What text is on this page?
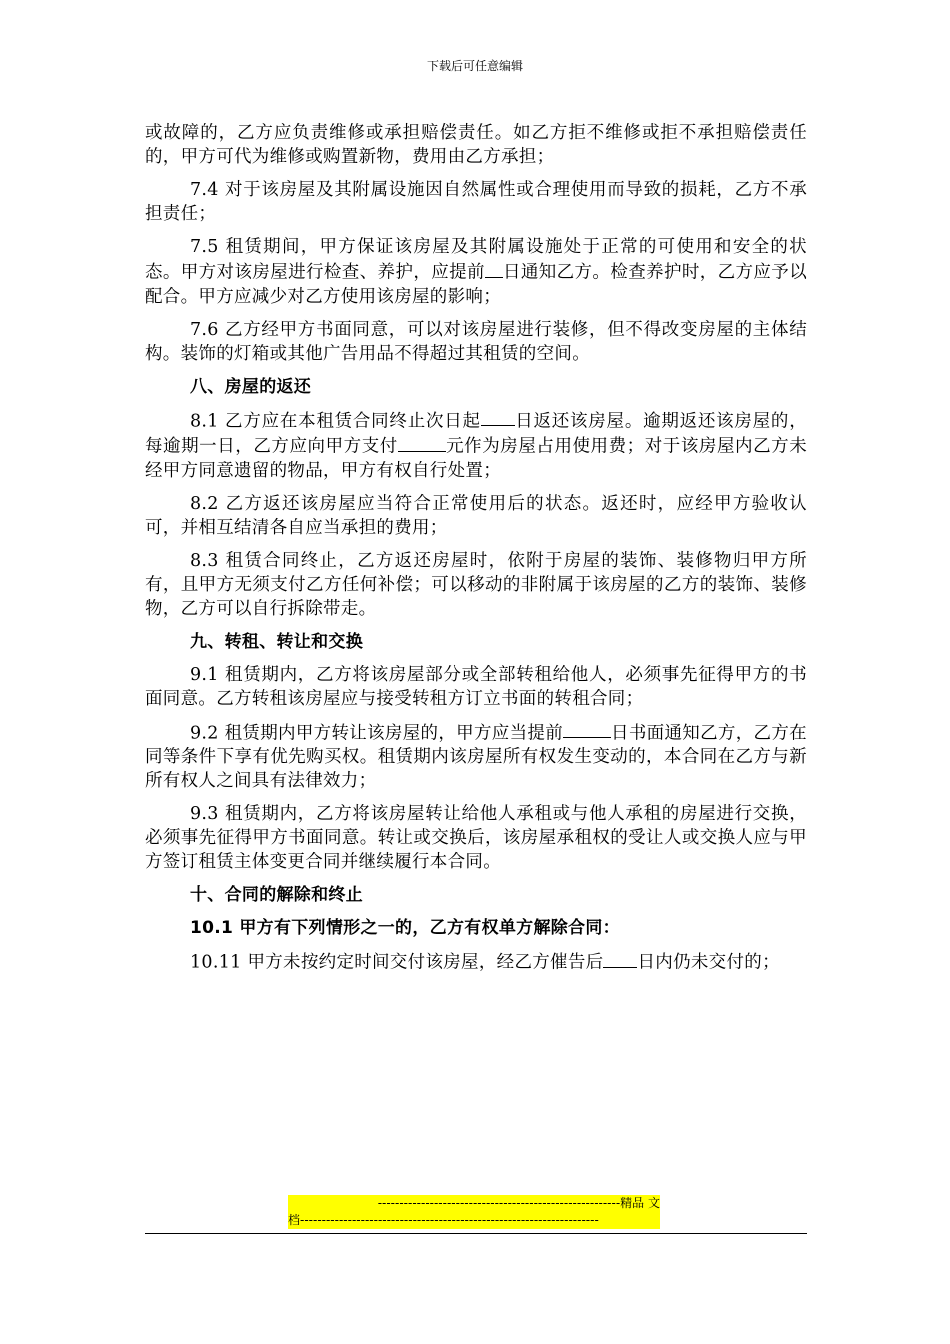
下载后可任意编辑

或故障的，乙方应负责维修或承担赔偿责任。如乙方拒不维修或拒不承担赔偿责任的，甲方可代为维修或购置新物，费用由乙方承担；

7.4 对于该房屋及其附属设施因自然属性或合理使用而导致的损耗，乙方不承担责任；

7.5 租赁期间，甲方保证该房屋及其附属设施处于正常的可使用和安全的状态。甲方对该房屋进行检查、养护，应提前 日通知乙方。检查养护时，乙方应予以配合。甲方应减少对乙方使用该房屋的影响；

7.6 乙方经甲方书面同意，可以对该房屋进行装修，但不得改变房屋的主体结构。装饰的灯箱或其他广告用品不得超过其租赁的空间。

八、房屋的返还

8.1 乙方应在本租赁合同终止次日起 日返还该房屋。逾期返还该房屋的，每逾期一日，乙方应向甲方支付	元作为房屋占用使用费；对于该房屋内乙方未经甲方同意遗留的物品，甲方有权自行处置；

8.2 乙方返还该房屋应当符合正常使用后的状态。返还时，应经甲方验收认可，并相互结清各自应当承担的费用；

8.3 租赁合同终止，乙方返还房屋时，依附于房屋的装饰、装修物归甲方所有，且甲方无须支付乙方任何补偿；可以移动的非附属于该房屋的乙方的装饰、装修物，乙方可以自行拆除带走。

九、转租、转让和交换

9.1 租赁期内，乙方将该房屋部分或全部转租给他人，必须事先征得甲方的书面同意。乙方转租该房屋应与接受转租方订立书面的转租合同；

9.2 租赁期内甲方转让该房屋的，甲方应当提前	日书面通知乙方，乙方在同等条件下享有优先购买权。租赁期内该房屋所有权发生变动的，本合同在乙方与新所有权人之间具有法律效力；

9.3 租赁期内，乙方将该房屋转让给他人承租或与他人承租的房屋进行交换，必须事先征得甲方书面同意。转让或交换后，该房屋承租权的受让人或交换人应与甲方签订租赁主体变更合同并继续履行本合同。

十、合同的解除和终止

10.1 甲方有下列情形之一的，乙方有权单方解除合同：

10.11 甲方未按约定时间交付该房屋，经乙方催告后 日内仍未交付的；

--------------------------------------------------------精品 文
档---------------------------------------------------------------------
